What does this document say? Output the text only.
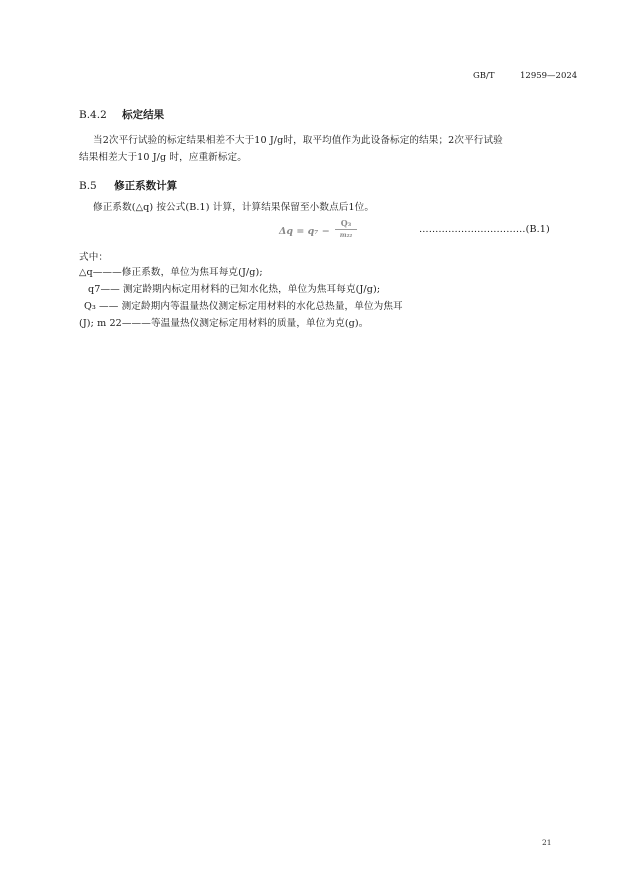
GB/T	12959—2024
B.4.2 标定结果
当2次平行试验的标定结果相差不大于10 J/g时，取平均值作为此设备标定的结果；2次平行试验
结果相差大于10 J/g 时，应重新标定。
B.5 修正系数计算
修正系数(△q) 按公式(B.1) 计算，计算结果保留至小数点后1位。
Δq = q₇ −
Q₃
m₂₂	……………………………(B.1)
式中：
△q———修正系数，单位为焦耳每克(J/g);
q7—— 测定龄期内标定用材料的已知水化热，单位为焦耳每克(J/g);
Q₃ —— 测定龄期内等温量热仪测定标定用材料的水化总热量，单位为焦耳
(J); m 22———等温量热仪测定标定用材料的质量，单位为克(g)。
21
